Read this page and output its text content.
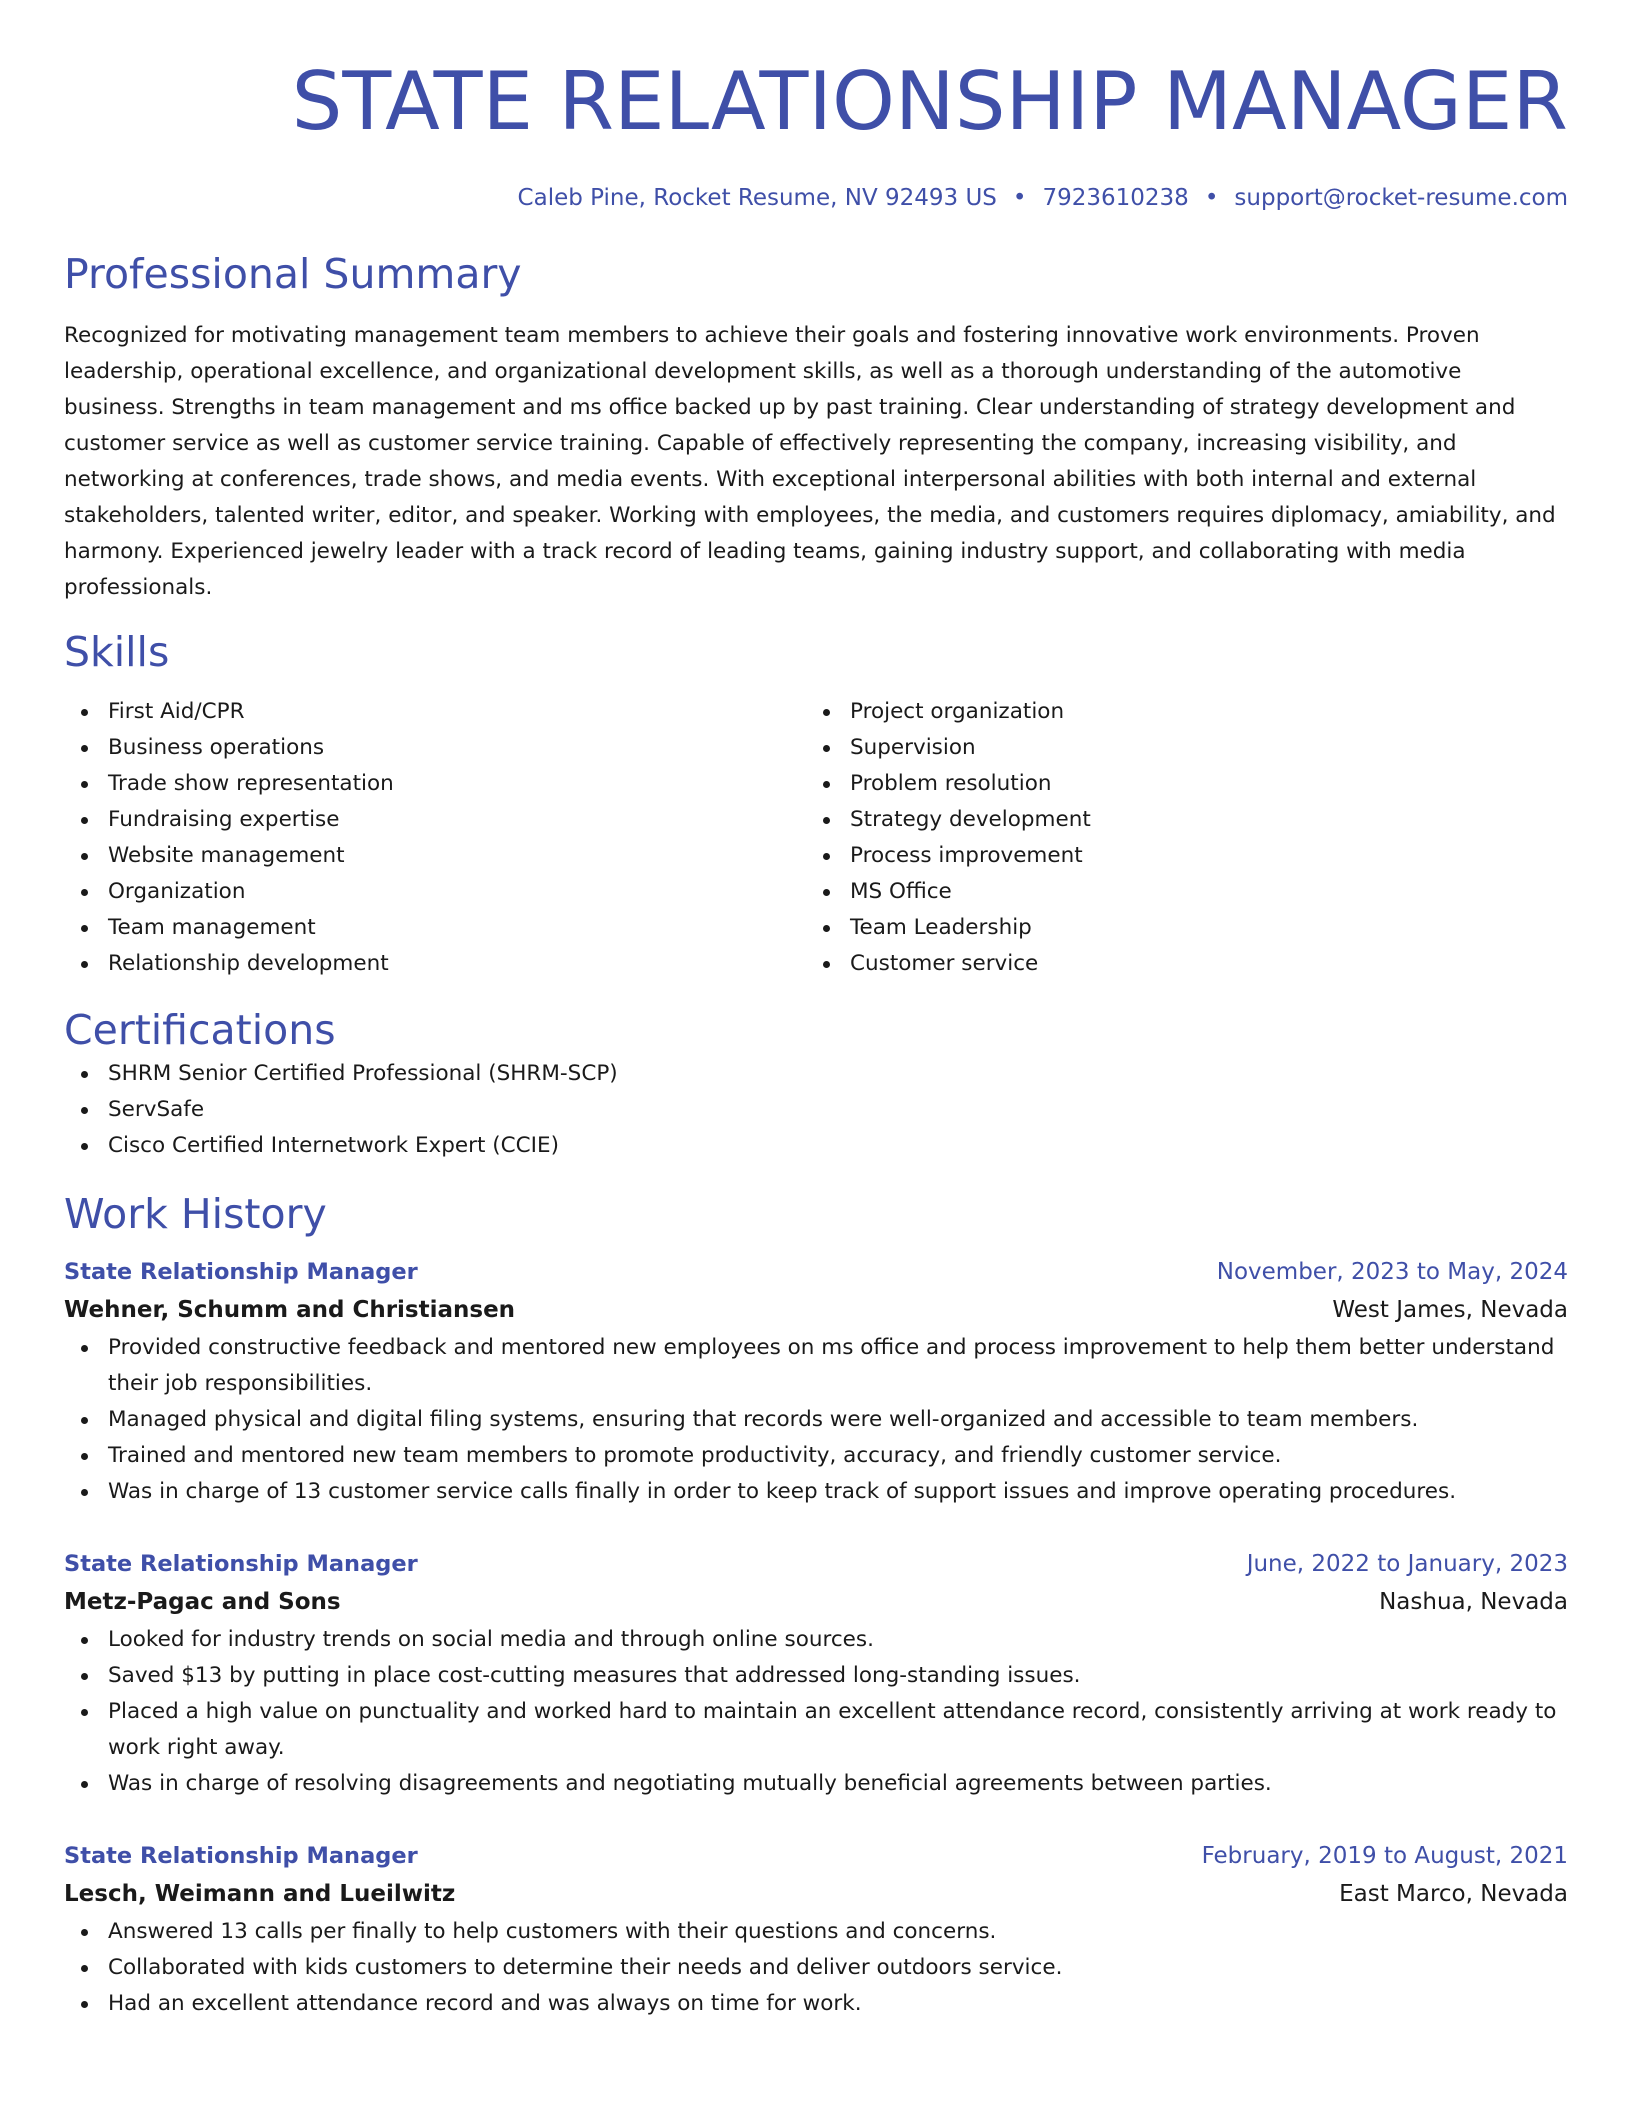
STATE RELATIONSHIP MANAGER
Caleb Pine, Rocket Resume, NV 92493 US • 7923610238 • support@rocket-resume.com
Professional Summary

Recognized for motivating management team members to achieve their goals and fostering innovative work environments. Proven leadership, operational excellence, and organizational development skills, as well as a thorough understanding of the automotive business. Strengths in team management and ms office backed up by past training. Clear understanding of strategy development and customer service as well as customer service training. Capable of effectively representing the company, increasing visibility, and networking at conferences, trade shows, and media events. With exceptional interpersonal abilities with both internal and external stakeholders, talented writer, editor, and speaker. Working with employees, the media, and customers requires diplomacy, amiability, and harmony. Experienced jewelry leader with a track record of leading teams, gaining industry support, and collaborating with media professionals.

Skills
First Aid/CPR
Business operations
Trade show representation
Fundraising expertise
Website management
Organization
Team management
Relationship development
Project organization
Supervision
Problem resolution
Strategy development
Process improvement
MS Office
Team Leadership
Customer service
Certifications
SHRM Senior Certified Professional (SHRM-SCP)
ServSafe
Cisco Certified Internetwork Expert (CCIE)
Work History
State Relationship Manager	November, 2023 to May, 2024
Wehner, Schumm and Christiansen	West James, Nevada
Provided constructive feedback and mentored new employees on ms office and process improvement to help them better understand their job responsibilities.
Managed physical and digital filing systems, ensuring that records were well-organized and accessible to team members.
Trained and mentored new team members to promote productivity, accuracy, and friendly customer service.
Was in charge of 13 customer service calls finally in order to keep track of support issues and improve operating procedures.
State Relationship Manager	June, 2022 to January, 2023
Metz-Pagac and Sons	Nashua, Nevada
Looked for industry trends on social media and through online sources.
Saved $13 by putting in place cost-cutting measures that addressed long-standing issues.
Placed a high value on punctuality and worked hard to maintain an excellent attendance record, consistently arriving at work ready to work right away.
Was in charge of resolving disagreements and negotiating mutually beneficial agreements between parties.
State Relationship Manager	February, 2019 to August, 2021
Lesch, Weimann and Lueilwitz	East Marco, Nevada
Answered 13 calls per finally to help customers with their questions and concerns.
Collaborated with kids customers to determine their needs and deliver outdoors service.
Had an excellent attendance record and was always on time for work.
